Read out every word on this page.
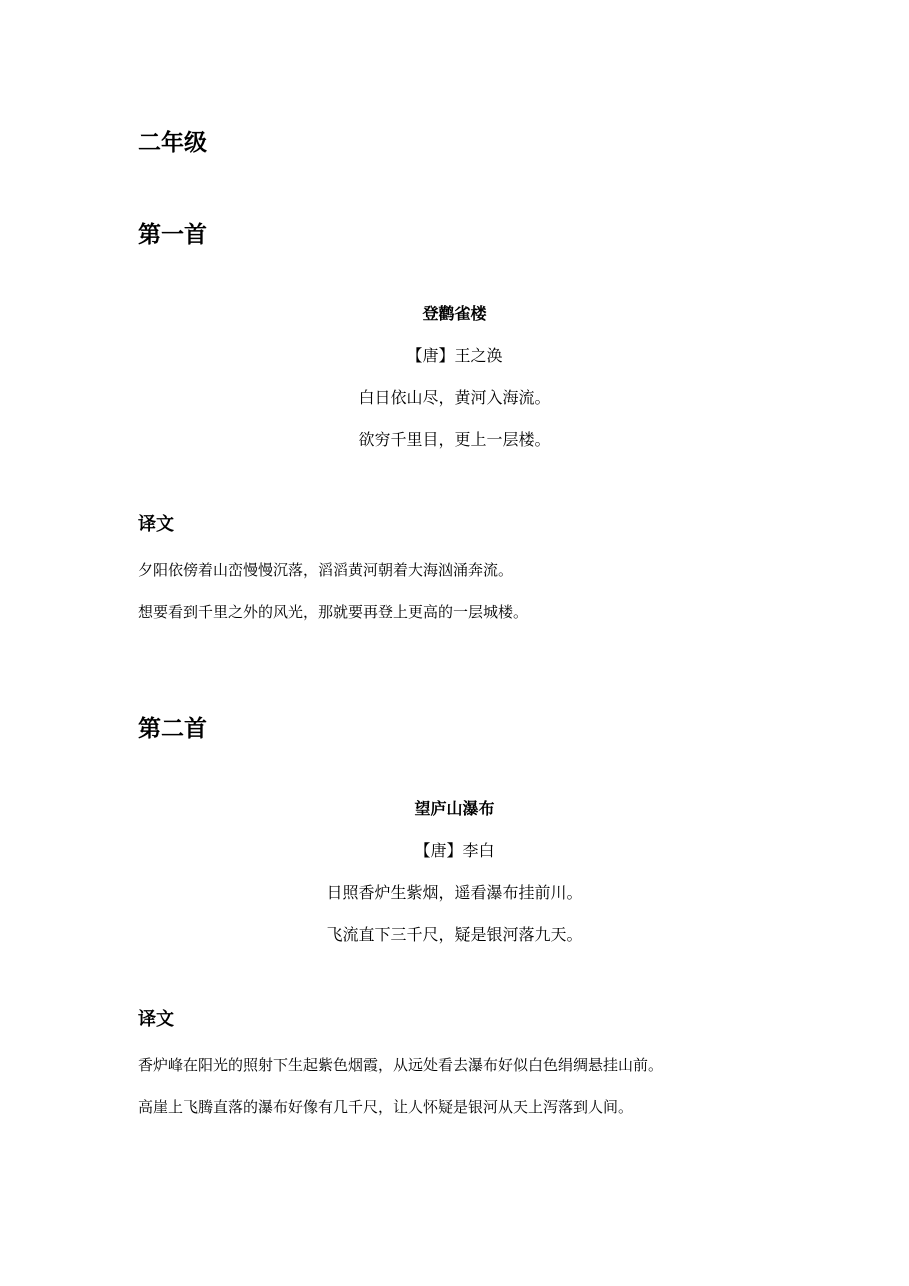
二年级
第一首

登鹳雀楼

【唐】王之涣

白日依山尽，黄河入海流。

欲穷千里目，更上一层楼。

译文

夕阳依傍着山峦慢慢沉落，滔滔黄河朝着大海汹涌奔流。

想要看到千里之外的风光，那就要再登上更高的一层城楼。

第二首

望庐山瀑布

【唐】李白

日照香炉生紫烟，遥看瀑布挂前川。

飞流直下三千尺，疑是银河落九天。

译文

香炉峰在阳光的照射下生起紫色烟霞，从远处看去瀑布好似白色绢绸悬挂山前。

高崖上飞腾直落的瀑布好像有几千尺，让人怀疑是银河从天上泻落到人间。
